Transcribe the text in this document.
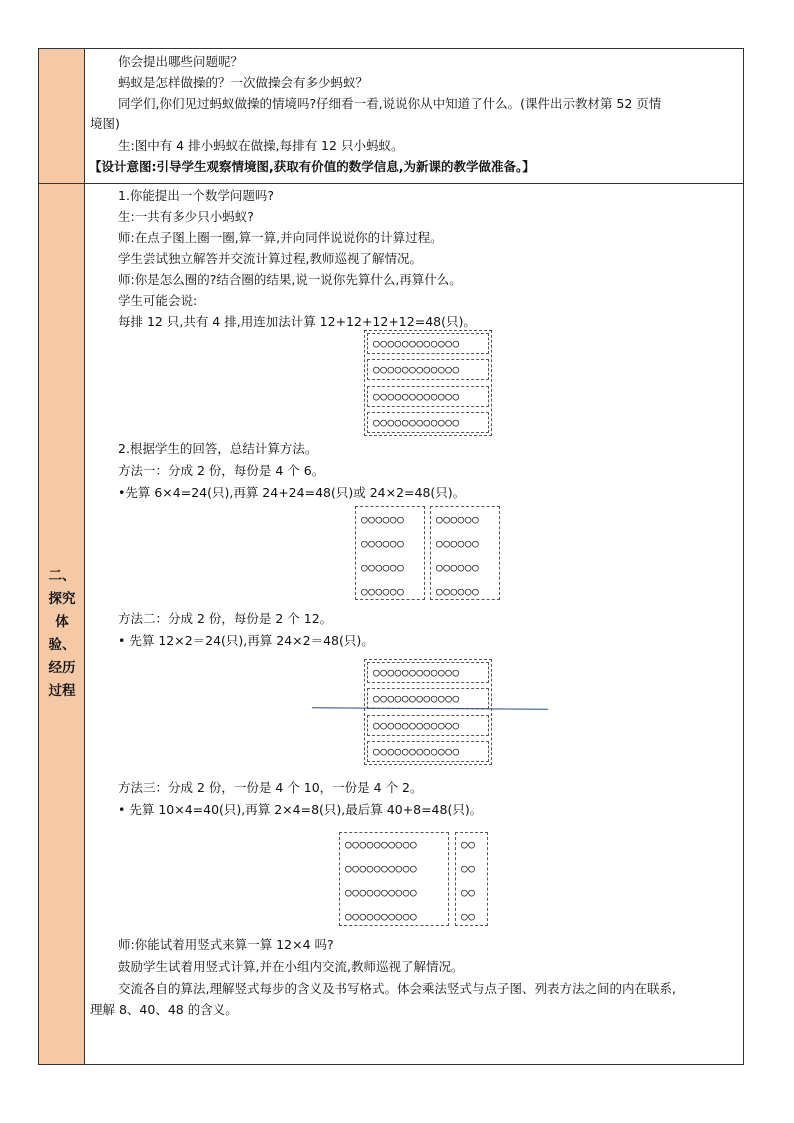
二、
探究
体
验、
经历
过程
你会提出哪些问题呢？
蚂蚁是怎样做操的？一次做操会有多少蚂蚁？
同学们,你们见过蚂蚁做操的情境吗?仔细看一看,说说你从中知道了什么。(课件出示教材第 52 页情
境图)
生:图中有 4 排小蚂蚁在做操,每排有 12 只小蚂蚁。
【设计意图:引导学生观察情境图,获取有价值的数学信息,为新课的教学做准备。】
1.你能提出一个数学问题吗?
生:一共有多少只小蚂蚁?
师:在点子图上圈一圈,算一算,并向同伴说说你的计算过程。
学生尝试独立解答并交流计算过程,教师巡视了解情况。
师:你是怎么圈的?结合圈的结果,说一说你先算什么,再算什么。
学生可能会说:
每排 12 只,共有 4 排,用连加法计算 12+12+12+12=48(只)。
○○○○○○○○○○○○
○○○○○○○○○○○○
○○○○○○○○○○○○
○○○○○○○○○○○○
2.根据学生的回答，总结计算方法。
方法一：分成 2 份，每份是 4 个 6。
•先算 6×4=24(只),再算 24+24=48(只)或 24×2=48(只)。
○○○○○○
○○○○○○
○○○○○○
○○○○○○
○○○○○○
○○○○○○
○○○○○○
○○○○○○
方法二：分成 2 份，每份是 2 个 12。
• 先算 12×2＝24(只),再算 24×2＝48(只)。
○○○○○○○○○○○○
○○○○○○○○○○○○
○○○○○○○○○○○○
○○○○○○○○○○○○
方法三：分成 2 份，一份是 4 个 10，一份是 4 个 2。
• 先算 10×4=40(只),再算 2×4=8(只),最后算 40+8=48(只)。
○○○○○○○○○○
○○○○○○○○○○
○○○○○○○○○○
○○○○○○○○○○
○○
○○
○○
○○
师:你能试着用竖式来算一算 12×4 吗?
鼓励学生试着用竖式计算,并在小组内交流,教师巡视了解情况。
交流各自的算法,理解竖式每步的含义及书写格式。体会乘法竖式与点子图、列表方法之间的内在联系,
理解 8、40、48 的含义。
